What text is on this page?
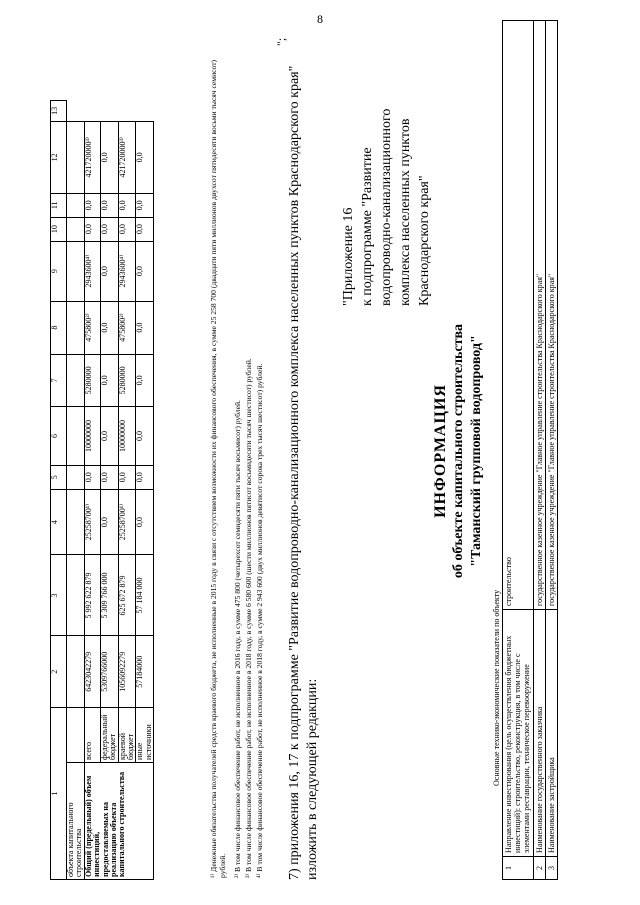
8
1		2	3	4	5	6	7	8	9	10	11	12	13
объекта капитального строительства													

Общий (предельный) объем инвестиций, предоставляемых на реализацию объекта капитального строительства	всего	6423042279	5 992 622 879	25258700¹⁾	0,0	10000000	5280000	475800²⁾	2943600⁴⁾	0,0	0,0	421720000³⁾	
	федеральный бюджет	5309766000	5 309 766 000	0,0	0,0	0,0	0,0	0,0	0,0	0,0	0,0	0,0	
	краевой бюджет	1056092279	625 672 879	25258700¹⁾	0,0	10000000	5280000	475800²⁾	2943600⁴⁾	0,0	0,0	421720000³⁾	
	иные источники	57184000	57 184 000	0,0	0,0	0,0	0,0	0,0	0,0	0,0	0,0	0,0		¹⁾ Денежные обязательства получателей средств краевого бюджета, не исполненные в 2015 году в связи с отсутствием возможности их финансового обеспечения, в сумме 25 258 700 (двадцати пяти миллионов двухсот пятидесяти восьми тысяч семисот) рублей. ²⁾ В том числе финансовое обеспечение работ, не исполненное в 2016 году, в сумме 475 800 (четырехсот семидесяти пяти тысяч восьмисот) рублей. ³⁾ В том числе финансовое обеспечение работ, не исполненное в 2018 году, в сумме 6 580 600 (шести миллионов пятисот восьмидесяти тысяч шестисот) рублей. ⁴⁾ В том числе финансовое обеспечение работ, не исполненное в 2018 году, в сумме 2 943 600 (двух миллионов девятисот сорока трех тысяч шестисот) рублей.
";
7) приложения 16, 17 к подпрограмме "Развитие водопроводно-канализационного комплекса населенных пунктов Краснодарского края" изложить в следующей редакции:
"Приложение 16 к подпрограмме "Развитие водопроводно-канализационного комплекса населенных пунктов Краснодарского края"
ИНФОРМАЦИЯ об объекте капитального строительства "Таманский групповой водопровод"
Основные технико-экономические показатели по объекту
1	Направление инвестирования (цель осуществления бюджетных инвестиций): строительство, реконструкция, в том числе с элементами реставрации, техническое перевооружение	строительство
2	Наименование государственного заказчика	государственное казенное учреждение "Главное управление строительства Краснодарского края"
3	Наименование застройщика	государственное казенное учреждение "Главное управление строительства Краснодарского края"
